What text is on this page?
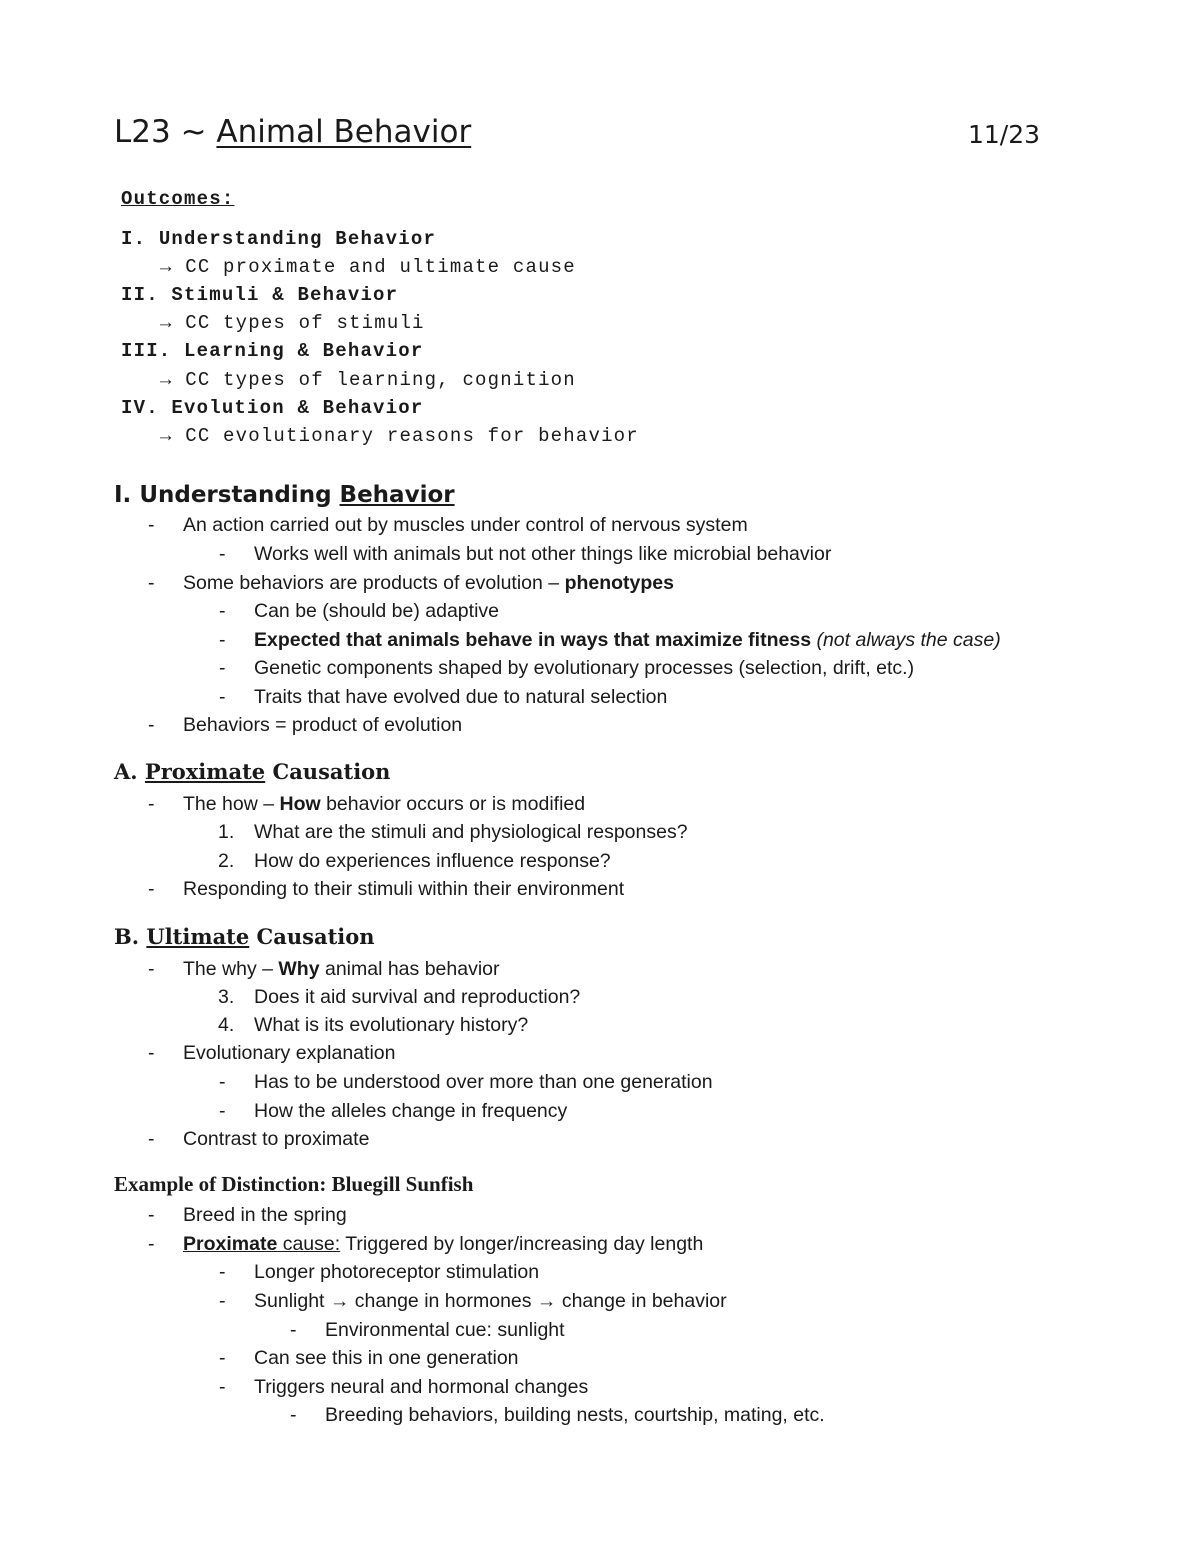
L23 ~ Animal Behavior	11/23
Outcomes:
I. Understanding Behavior
→ CC proximate and ultimate cause
II. Stimuli & Behavior
→ CC types of stimuli
III. Learning & Behavior
→ CC types of learning, cognition
IV. Evolution & Behavior
→ CC evolutionary reasons for behavior
I. Understanding Behavior
- An action carried out by muscles under control of nervous system
- Works well with animals but not other things like microbial behavior
- Some behaviors are products of evolution – phenotypes
- Can be (should be) adaptive
- Expected that animals behave in ways that maximize fitness (not always the case)
- Genetic components shaped by evolutionary processes (selection, drift, etc.)
- Traits that have evolved due to natural selection
- Behaviors = product of evolution
A. Proximate Causation
- The how – How behavior occurs or is modified
1. What are the stimuli and physiological responses?
2. How do experiences influence response?
- Responding to their stimuli within their environment
B. Ultimate Causation
- The why – Why animal has behavior
3. Does it aid survival and reproduction?
4. What is its evolutionary history?
- Evolutionary explanation
- Has to be understood over more than one generation
- How the alleles change in frequency
- Contrast to proximate
Example of Distinction: Bluegill Sunfish
- Breed in the spring
- Proximate cause: Triggered by longer/increasing day length
- Longer photoreceptor stimulation
- Sunlight → change in hormones → change in behavior
- Environmental cue: sunlight
- Can see this in one generation
- Triggers neural and hormonal changes
- Breeding behaviors, building nests, courtship, mating, etc.
